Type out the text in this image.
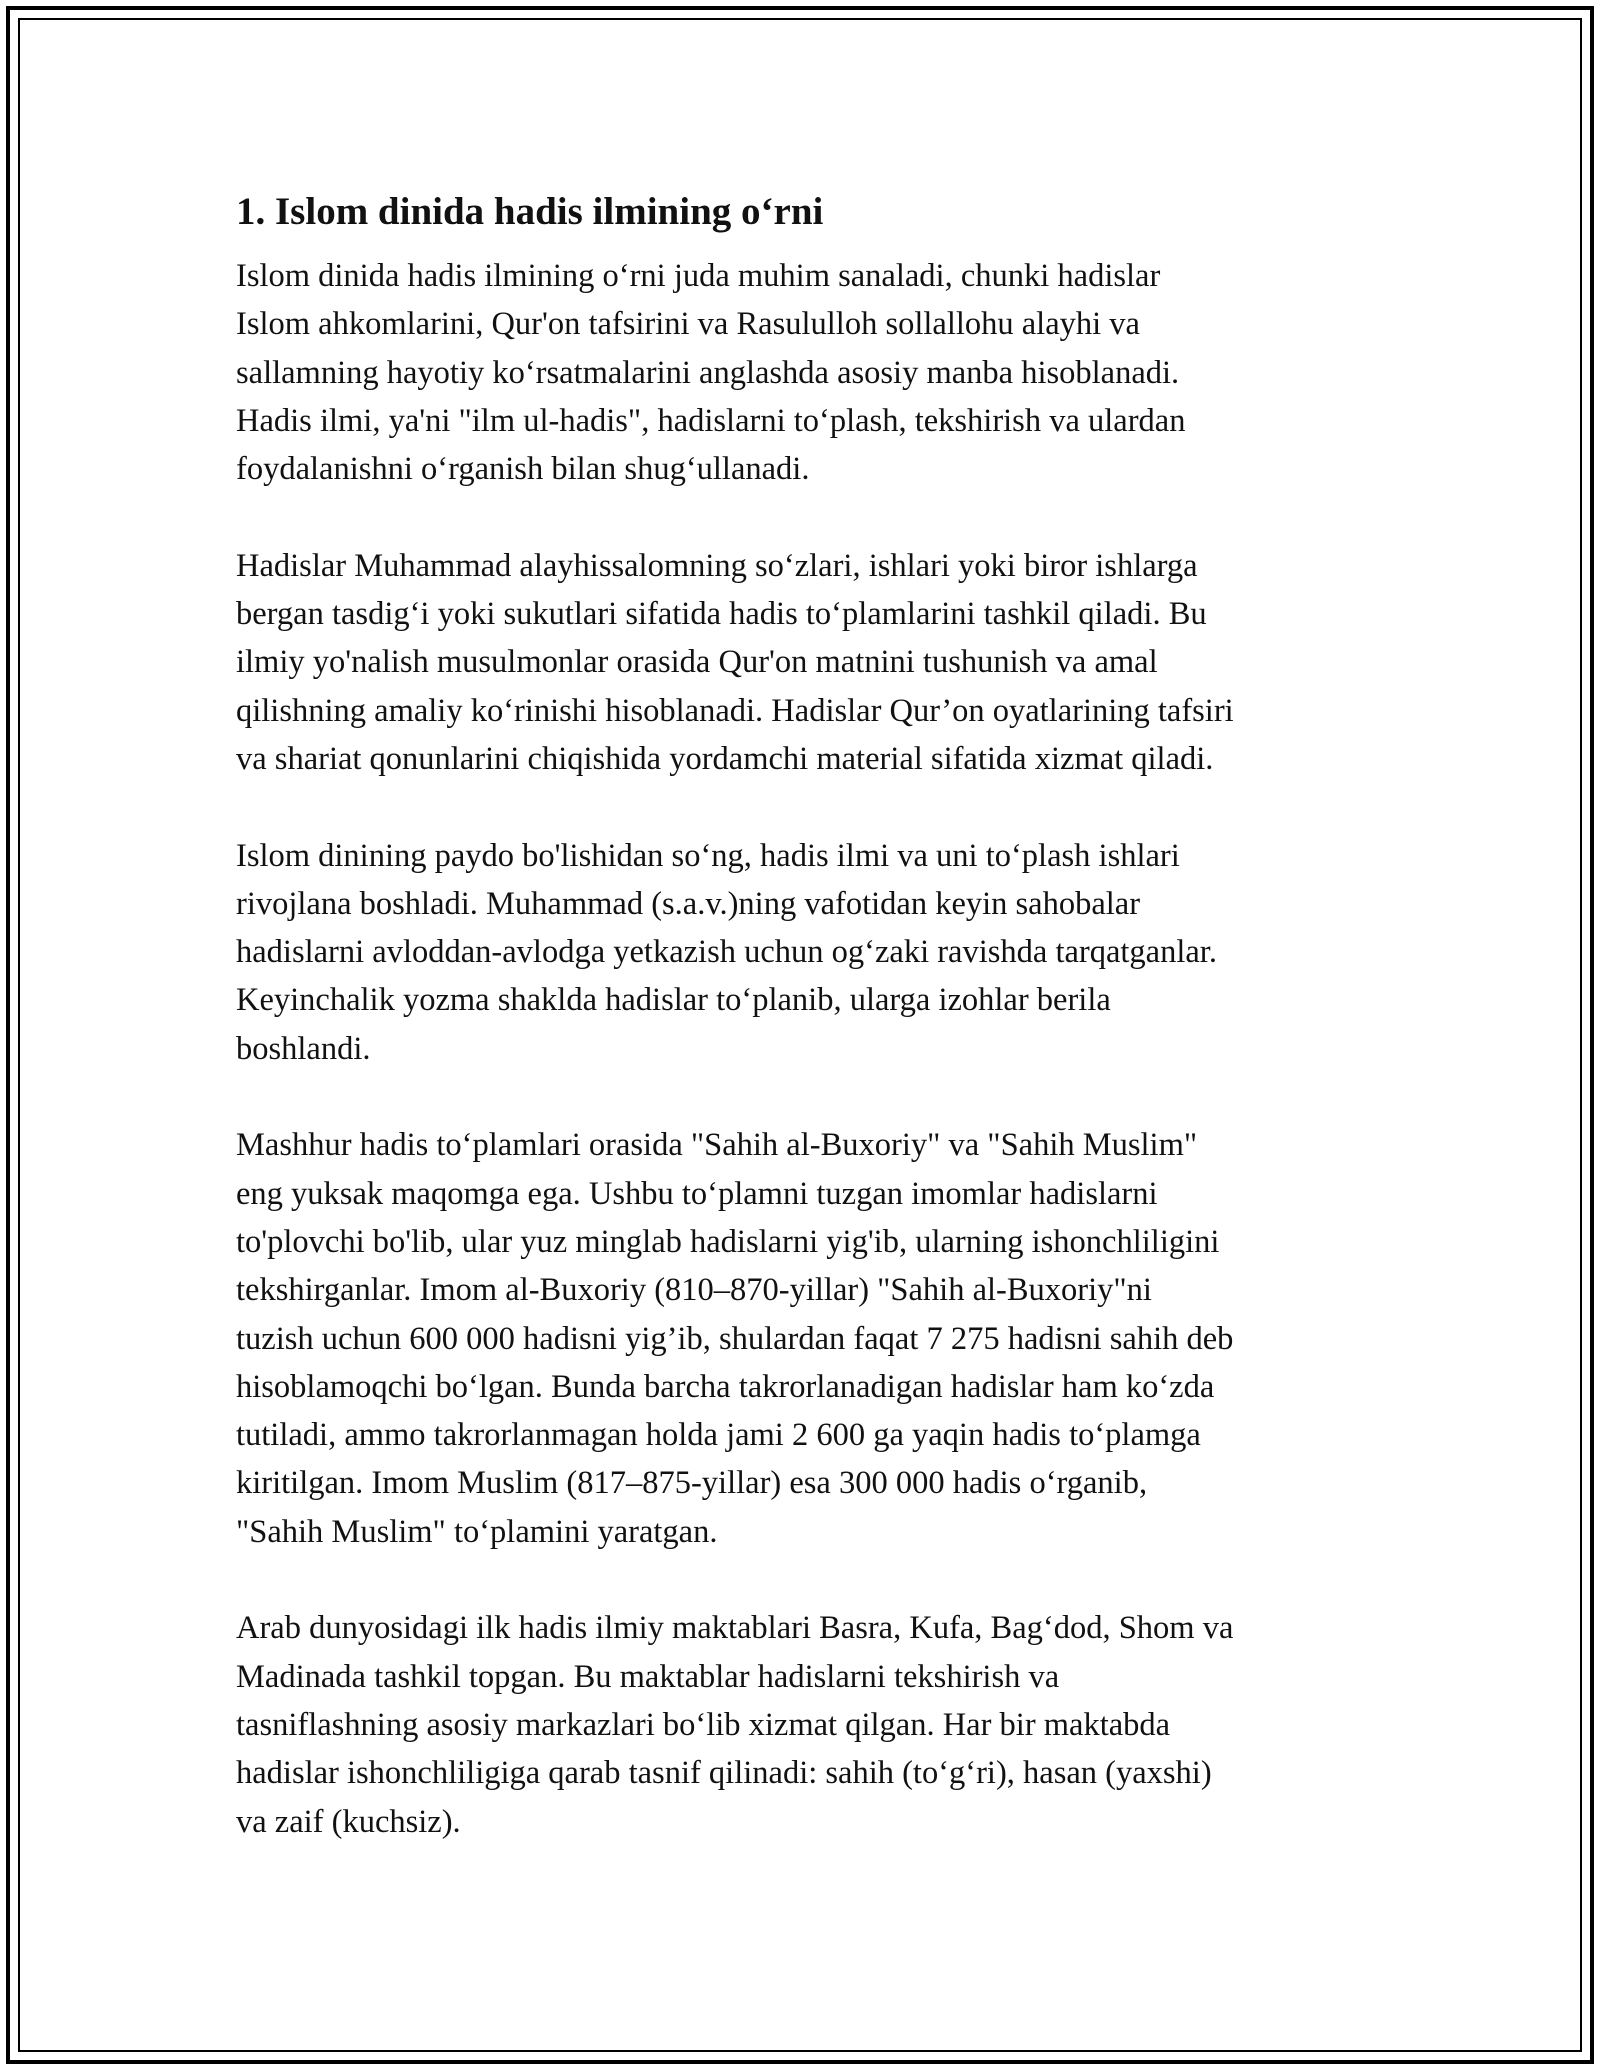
1. Islom dinida hadis ilmining o‘rni

Islom dinida hadis ilmining o‘rni juda muhim sanaladi, chunki hadislar
Islom ahkomlarini, Qur'on tafsirini va Rasululloh sollallohu alayhi va
sallamning hayotiy ko‘rsatmalarini anglashda asosiy manba hisoblanadi.
Hadis ilmi, ya'ni "ilm ul-hadis", hadislarni to‘plash, tekshirish va ulardan
foydalanishni o‘rganish bilan shug‘ullanadi.

Hadislar Muhammad alayhissalomning so‘zlari, ishlari yoki biror ishlarga
bergan tasdig‘i yoki sukutlari sifatida hadis to‘plamlarini tashkil qiladi. Bu
ilmiy yo'nalish musulmonlar orasida Qur'on matnini tushunish va amal
qilishning amaliy ko‘rinishi hisoblanadi. Hadislar Qur’on oyatlarining tafsiri
va shariat qonunlarini chiqishida yordamchi material sifatida xizmat qiladi.

Islom dinining paydo bo'lishidan so‘ng, hadis ilmi va uni to‘plash ishlari
rivojlana boshladi. Muhammad (s.a.v.)ning vafotidan keyin sahobalar
hadislarni avloddan-avlodga yetkazish uchun og‘zaki ravishda tarqatganlar.
Keyinchalik yozma shaklda hadislar to‘planib, ularga izohlar berila
boshlandi.

Mashhur hadis to‘plamlari orasida "Sahih al-Buxoriy" va "Sahih Muslim"
eng yuksak maqomga ega. Ushbu to‘plamni tuzgan imomlar hadislarni
to'plovchi bo'lib, ular yuz minglab hadislarni yig'ib, ularning ishonchliligini
tekshirganlar. Imom al-Buxoriy (810–870-yillar) "Sahih al-Buxoriy"ni
tuzish uchun 600 000 hadisni yig’ib, shulardan faqat 7 275 hadisni sahih deb
hisoblamoqchi bo‘lgan. Bunda barcha takrorlanadigan hadislar ham ko‘zda
tutiladi, ammo takrorlanmagan holda jami 2 600 ga yaqin hadis to‘plamga
kiritilgan. Imom Muslim (817–875-yillar) esa 300 000 hadis o‘rganib,
"Sahih Muslim" to‘plamini yaratgan.

Arab dunyosidagi ilk hadis ilmiy maktablari Basra, Kufa, Bag‘dod, Shom va
Madinada tashkil topgan. Bu maktablar hadislarni tekshirish va
tasniflashning asosiy markazlari bo‘lib xizmat qilgan. Har bir maktabda
hadislar ishonchliligiga qarab tasnif qilinadi: sahih (to‘g‘ri), hasan (yaxshi)
va zaif (kuchsiz).
